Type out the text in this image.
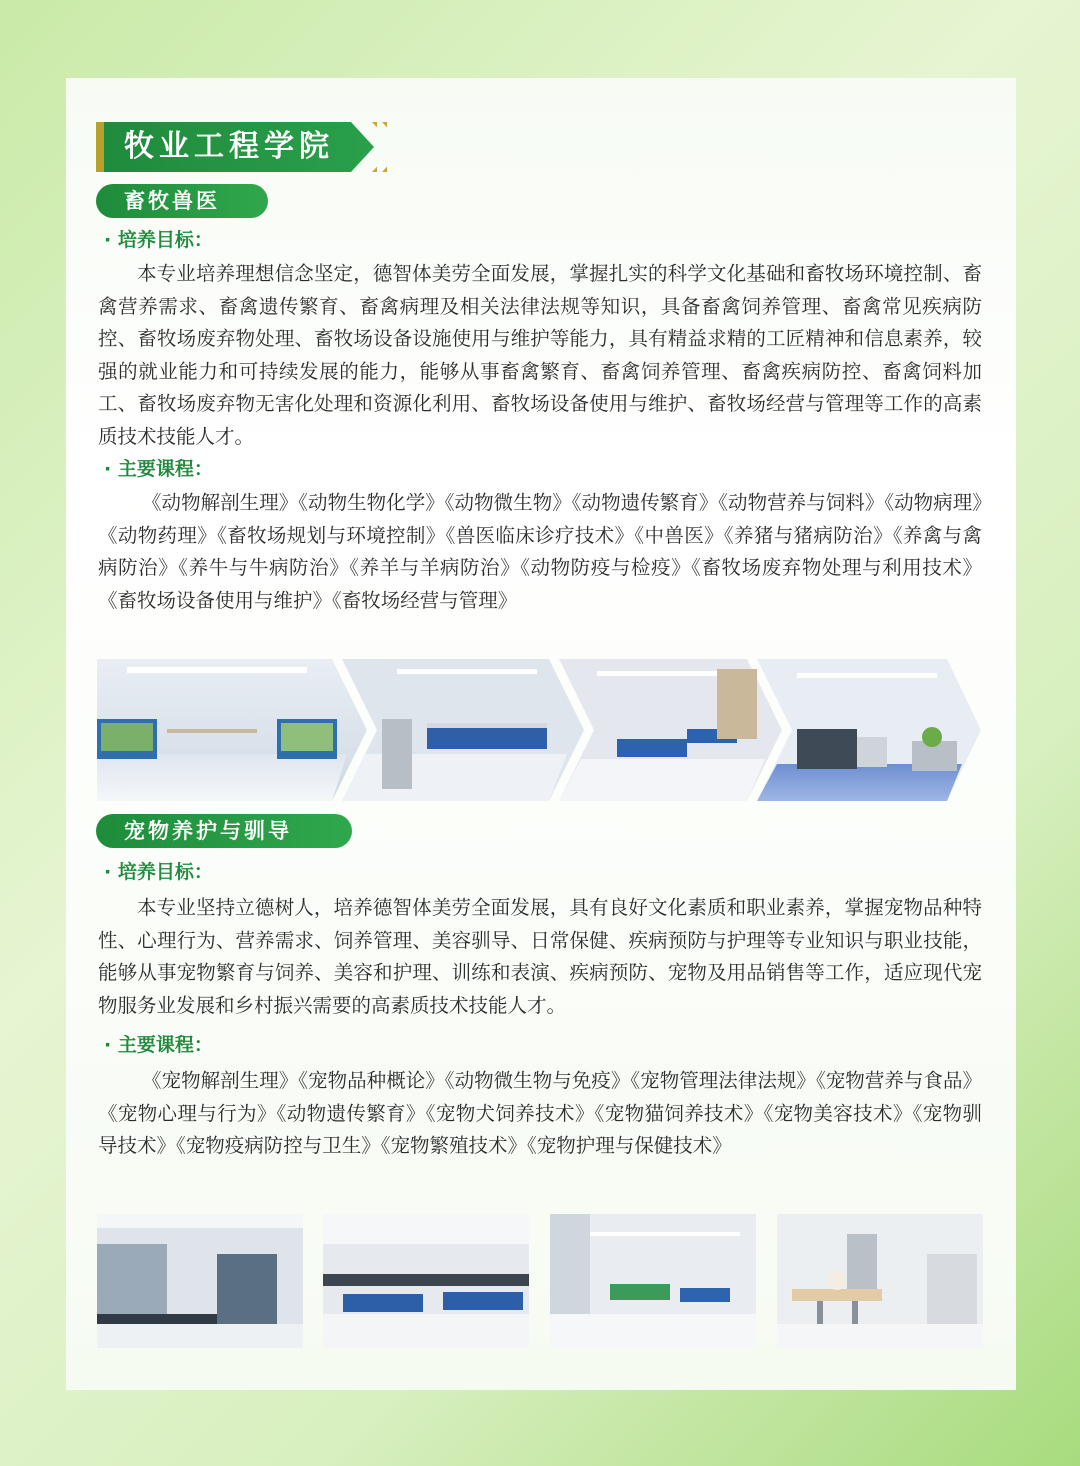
牧业工程学院
畜牧兽医
· 培养目标：

本专业培养理想信念坚定，德智体美劳全面发展，掌握扎实的科学文化基础和畜牧场环境控制、畜禽营养需求、畜禽遗传繁育、畜禽病理及相关法律法规等知识，具备畜禽饲养管理、畜禽常见疾病防控、畜牧场废弃物处理、畜牧场设备设施使用与维护等能力，具有精益求精的工匠精神和信息素养，较强的就业能力和可持续发展的能力，能够从事畜禽繁育、畜禽饲养管理、畜禽疾病防控、畜禽饲料加工、畜牧场废弃物无害化处理和资源化利用、畜牧场设备使用与维护、畜牧场经营与管理等工作的高素质技术技能人才。

· 主要课程：

《动物解剖生理》《动物生物化学》《动物微生物》《动物遗传繁育》《动物营养与饲料》《动物病理》《动物药理》《畜牧场规划与环境控制》《兽医临床诊疗技术》《中兽医》《养猪与猪病防治》《养禽与禽病防治》《养牛与牛病防治》《养羊与羊病防治》《动物防疫与检疫》《畜牧场废弃物处理与利用技术》《畜牧场设备使用与维护》《畜牧场经营与管理》

宠物养护与驯导
· 培养目标：

本专业坚持立德树人，培养德智体美劳全面发展，具有良好文化素质和职业素养，掌握宠物品种特性、心理行为、营养需求、饲养管理、美容驯导、日常保健、疾病预防与护理等专业知识与职业技能，能够从事宠物繁育与饲养、美容和护理、训练和表演、疾病预防、宠物及用品销售等工作，适应现代宠物服务业发展和乡村振兴需要的高素质技术技能人才。

· 主要课程：

《宠物解剖生理》《宠物品种概论》《动物微生物与免疫》《宠物管理法律法规》《宠物营养与食品》《宠物心理与行为》《动物遗传繁育》《宠物犬饲养技术》《宠物猫饲养技术》《宠物美容技术》《宠物驯导技术》《宠物疫病防控与卫生》《宠物繁殖技术》《宠物护理与保健技术》
